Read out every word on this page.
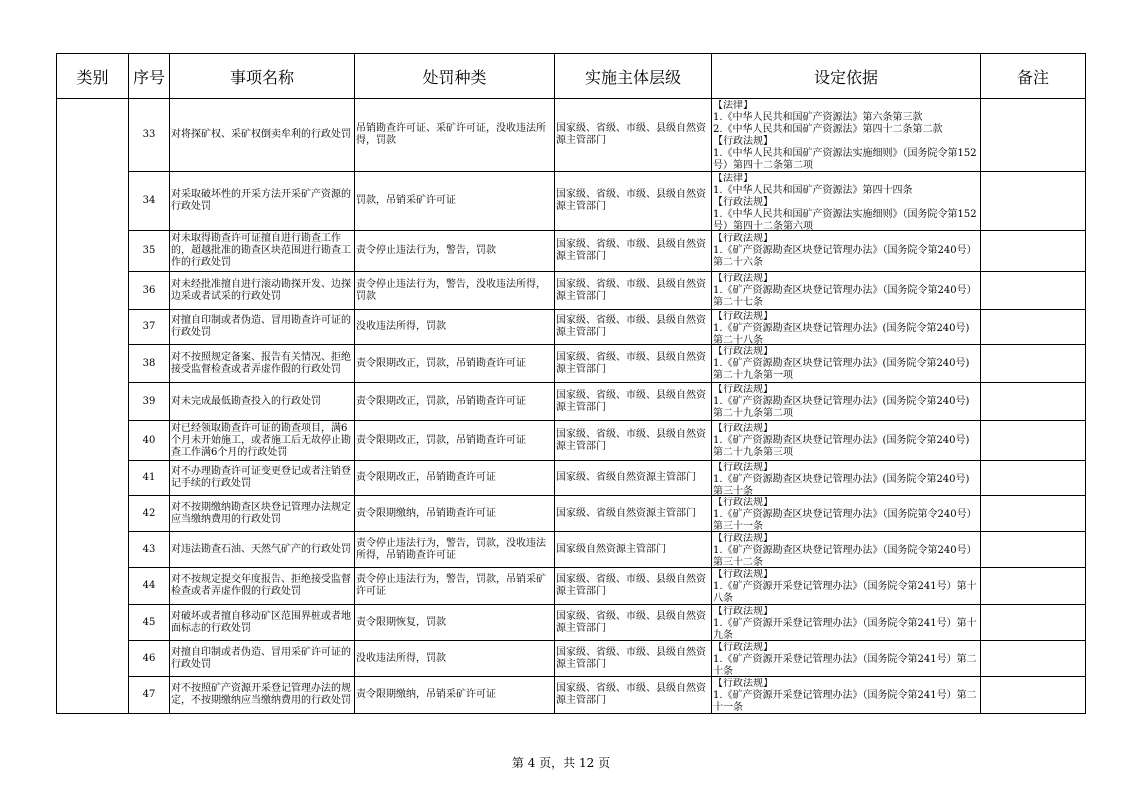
类别	序号	事项名称	处罚种类	实施主体层级	设定依据	备注
	33	对将探矿权、采矿权倒卖牟利的行政处罚	吊销勘查许可证、采矿许可证，没收违法所得，罚款	国家级、省级、市级、县级自然资源主管部门	【法律】
1.《中华人民共和国矿产资源法》第六条第三款
2.《中华人民共和国矿产资源法》第四十二条第二款
【行政法规】
1.《中华人民共和国矿产资源法实施细则》（国务院令第152号）第四十二条第二项	

	34	对采取破坏性的开采方法开采矿产资源的行政处罚	罚款，吊销采矿许可证	国家级、省级、市级、县级自然资源主管部门	【法律】
1.《中华人民共和国矿产资源法》第四十四条
【行政法规】
1.《中华人民共和国矿产资源法实施细则》（国务院令第152号）第四十二条第六项	

	35	对未取得勘查许可证擅自进行勘查工作的，超越批准的勘查区块范围进行勘查工作的行政处罚	责令停止违法行为，警告，罚款	国家级、省级、市级、县级自然资源主管部门	【行政法规】
1.《矿产资源勘查区块登记管理办法》（国务院令第240号）第二十六条	

	36	对未经批准擅自进行滚动勘探开发、边探边采或者试采的行政处罚	责令停止违法行为，警告，没收违法所得，罚款	国家级、省级、市级、县级自然资源主管部门	【行政法规】
1.《矿产资源勘查区块登记管理办法》（国务院令第240号）第二十七条	

	37	对擅自印制或者伪造、冒用勘查许可证的行政处罚	没收违法所得，罚款	国家级、省级、市级、县级自然资源主管部门	【行政法规】
1.《矿产资源勘查区块登记管理办法》(国务院令第240号)第二十八条	

	38	对不按照规定备案、报告有关情况、拒绝接受监督检查或者弄虚作假的行政处罚	责令限期改正，罚款，吊销勘查许可证	国家级、省级、市级、县级自然资源主管部门	【行政法规】
1.《矿产资源勘查区块登记管理办法》(国务院令第240号)第二十九条第一项	

	39	对未完成最低勘查投入的行政处罚	责令限期改正，罚款，吊销勘查许可证	国家级、省级、市级、县级自然资源主管部门	【行政法规】
1.《矿产资源勘查区块登记管理办法》(国务院令第240号)第二十九条第二项	

	40	对已经领取勘查许可证的勘查项目，满6个月未开始施工，或者施工后无故停止勘查工作满6个月的行政处罚	责令限期改正，罚款，吊销勘查许可证	国家级、省级、市级、县级自然资源主管部门	【行政法规】
1.《矿产资源勘查区块登记管理办法》(国务院令第240号)第二十九条第三项	

	41	对不办理勘查许可证变更登记或者注销登记手续的行政处罚	责令限期改正，吊销勘查许可证	国家级、省级自然资源主管部门	【行政法规】
1.《矿产资源勘查区块登记管理办法》(国务院令第240号)第三十条	

	42	对不按期缴纳勘查区块登记管理办法规定应当缴纳费用的行政处罚	责令限期缴纳，吊销勘查许可证	国家级、省级自然资源主管部门	【行政法规】
1.《矿产资源勘查区块登记管理办法》（国务院第令240号）第三十一条	

	43	对违法勘查石油、天然气矿产的行政处罚	责令停止违法行为，警告，罚款，没收违法所得，吊销勘查许可证	国家级自然资源主管部门	【行政法规】
1.《矿产资源勘查区块登记管理办法》（国务院令第240号）第三十二条	

	44	对不按规定提交年度报告、拒绝接受监督检查或者弄虚作假的行政处罚	责令停止违法行为，警告，罚款，吊销采矿许可证	国家级、省级、市级、县级自然资源主管部门	【行政法规】
1.《矿产资源开采登记管理办法》（国务院令第241号）第十八条	

	45	对破坏或者擅自移动矿区范围界桩或者地面标志的行政处罚	责令限期恢复，罚款	国家级、省级、市级、县级自然资源主管部门	【行政法规】
1.《矿产资源开采登记管理办法》（国务院令第241号）第十九条	

	46	对擅自印制或者伪造、冒用采矿许可证的行政处罚	没收违法所得，罚款	国家级、省级、市级、县级自然资源主管部门	【行政法规】
1.《矿产资源开采登记管理办法》（国务院令第241号）第二十条	

	47	对不按照矿产资源开采登记管理办法的规定，不按期缴纳应当缴纳费用的行政处罚	责令限期缴纳，吊销采矿许可证	国家级、省级、市级、县级自然资源主管部门	【行政法规】
1.《矿产资源开采登记管理办法》（国务院令第241号）第二十一条	

第 4 页，共 12 页
